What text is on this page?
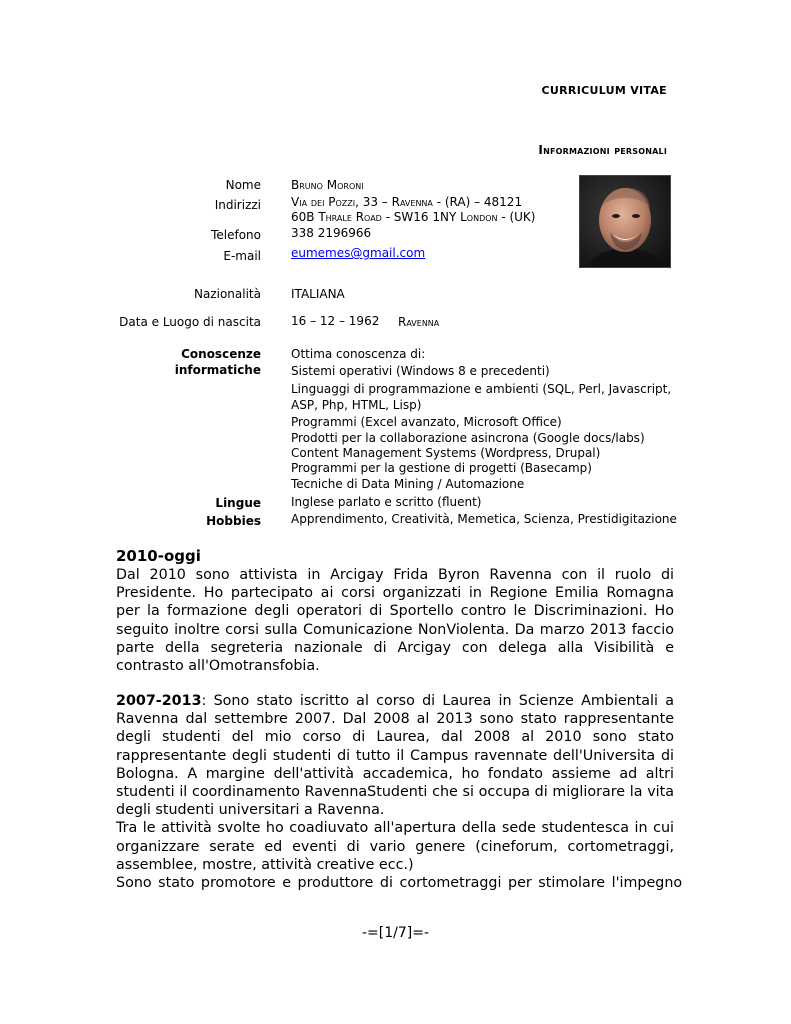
CURRICULUM VITAE
Informazioni personali
Nome
Indirizzi
Telefono
E-mail
Nazionalità
Data e Luogo di nascita
Bruno Moroni
Via dei Pozzi, 33 – Ravenna - (RA) – 48121
60B Thrale Road - SW16 1NY London - (UK)
338 2196966
eumemes@gmail.com
ITALIANA
16 – 12 – 1962 Ravenna
Conoscenze
informatiche
Lingue
Hobbies
Ottima conoscenza di:
Sistemi operativi (Windows 8 e precedenti)
Linguaggi di programmazione e ambienti (SQL, Perl, Javascript,
ASP, Php, HTML, Lisp)
Programmi (Excel avanzato, Microsoft Office)
Prodotti per la collaborazione asincrona (Google docs/labs)
Content Management Systems (Wordpress, Drupal)
Programmi per la gestione di progetti (Basecamp)
Tecniche di Data Mining / Automazione
Inglese parlato e scritto (fluent)
Apprendimento, Creatività, Memetica, Scienza, Prestidigitazione
2010-oggi

Dal 2010 sono attivista in Arcigay Frida Byron Ravenna con il ruolo di Presidente. Ho partecipato ai corsi organizzati in Regione Emilia Romagna per la formazione degli operatori di Sportello contro le Discriminazioni. Ho seguito inoltre corsi sulla Comunicazione NonViolenta. Da marzo 2013 faccio parte della segreteria nazionale di Arcigay con delega alla Visibilità e contrasto all'Omotransfobia.

2007-2013: Sono stato iscritto al corso di Laurea in Scienze Ambientali a Ravenna dal settembre 2007. Dal 2008 al 2013 sono stato rappresentante degli studenti del mio corso di Laurea, dal 2008 al 2010 sono stato rappresentante degli studenti di tutto il Campus ravennate dell'Universita di Bologna. A margine dell'attività accademica, ho fondato assieme ad altri studenti il coordinamento RavennaStudenti che si occupa di migliorare la vita degli studenti universitari a Ravenna.

Tra le attività svolte ho coadiuvato all'apertura della sede studentesca in cui organizzare serate ed eventi di vario genere (cineforum, cortometraggi, assemblee, mostre, attività creative ecc.)

Sono stato promotore e produttore di cortometraggi per stimolare l'impegno

-=[1/7]=-
